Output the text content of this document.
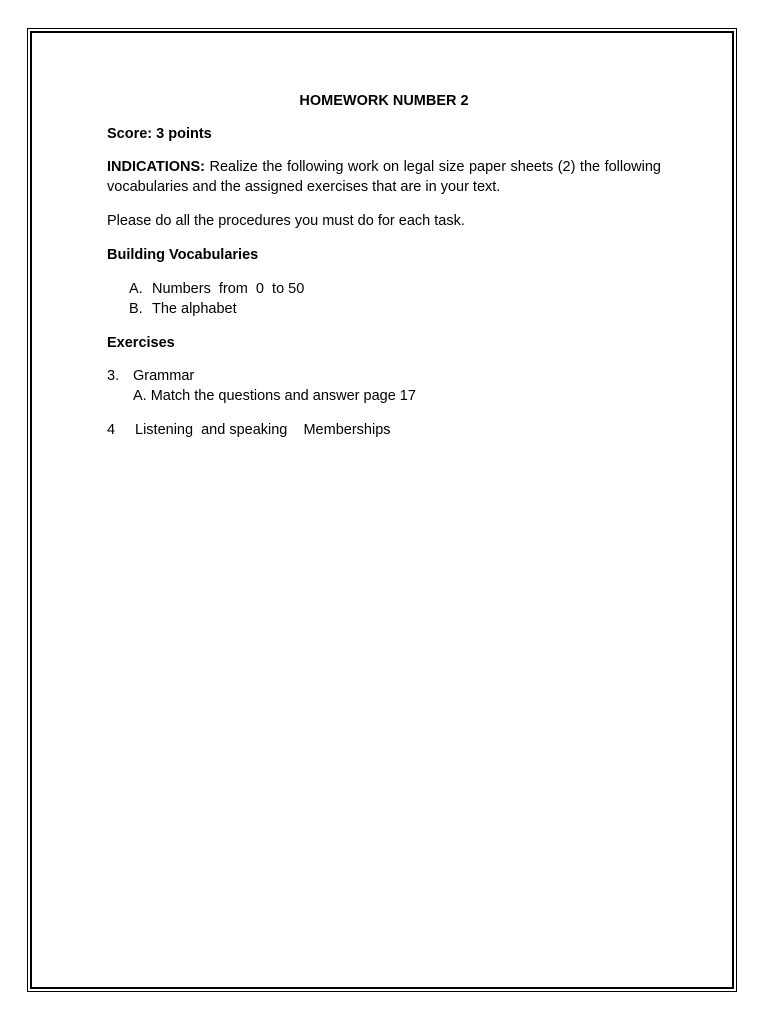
HOMEWORK NUMBER 2

Score: 3 points

INDICATIONS: Realize the following work on legal size paper sheets (2) the following vocabularies and the assigned exercises that are in your text.

Please do all the procedures you must do for each task.

Building Vocabularies

A. Numbers  from  0  to 50
B. The alphabet

Exercises

3. Grammar

A. Match the questions and answer page 17

4 Listening  and speaking    Memberships
